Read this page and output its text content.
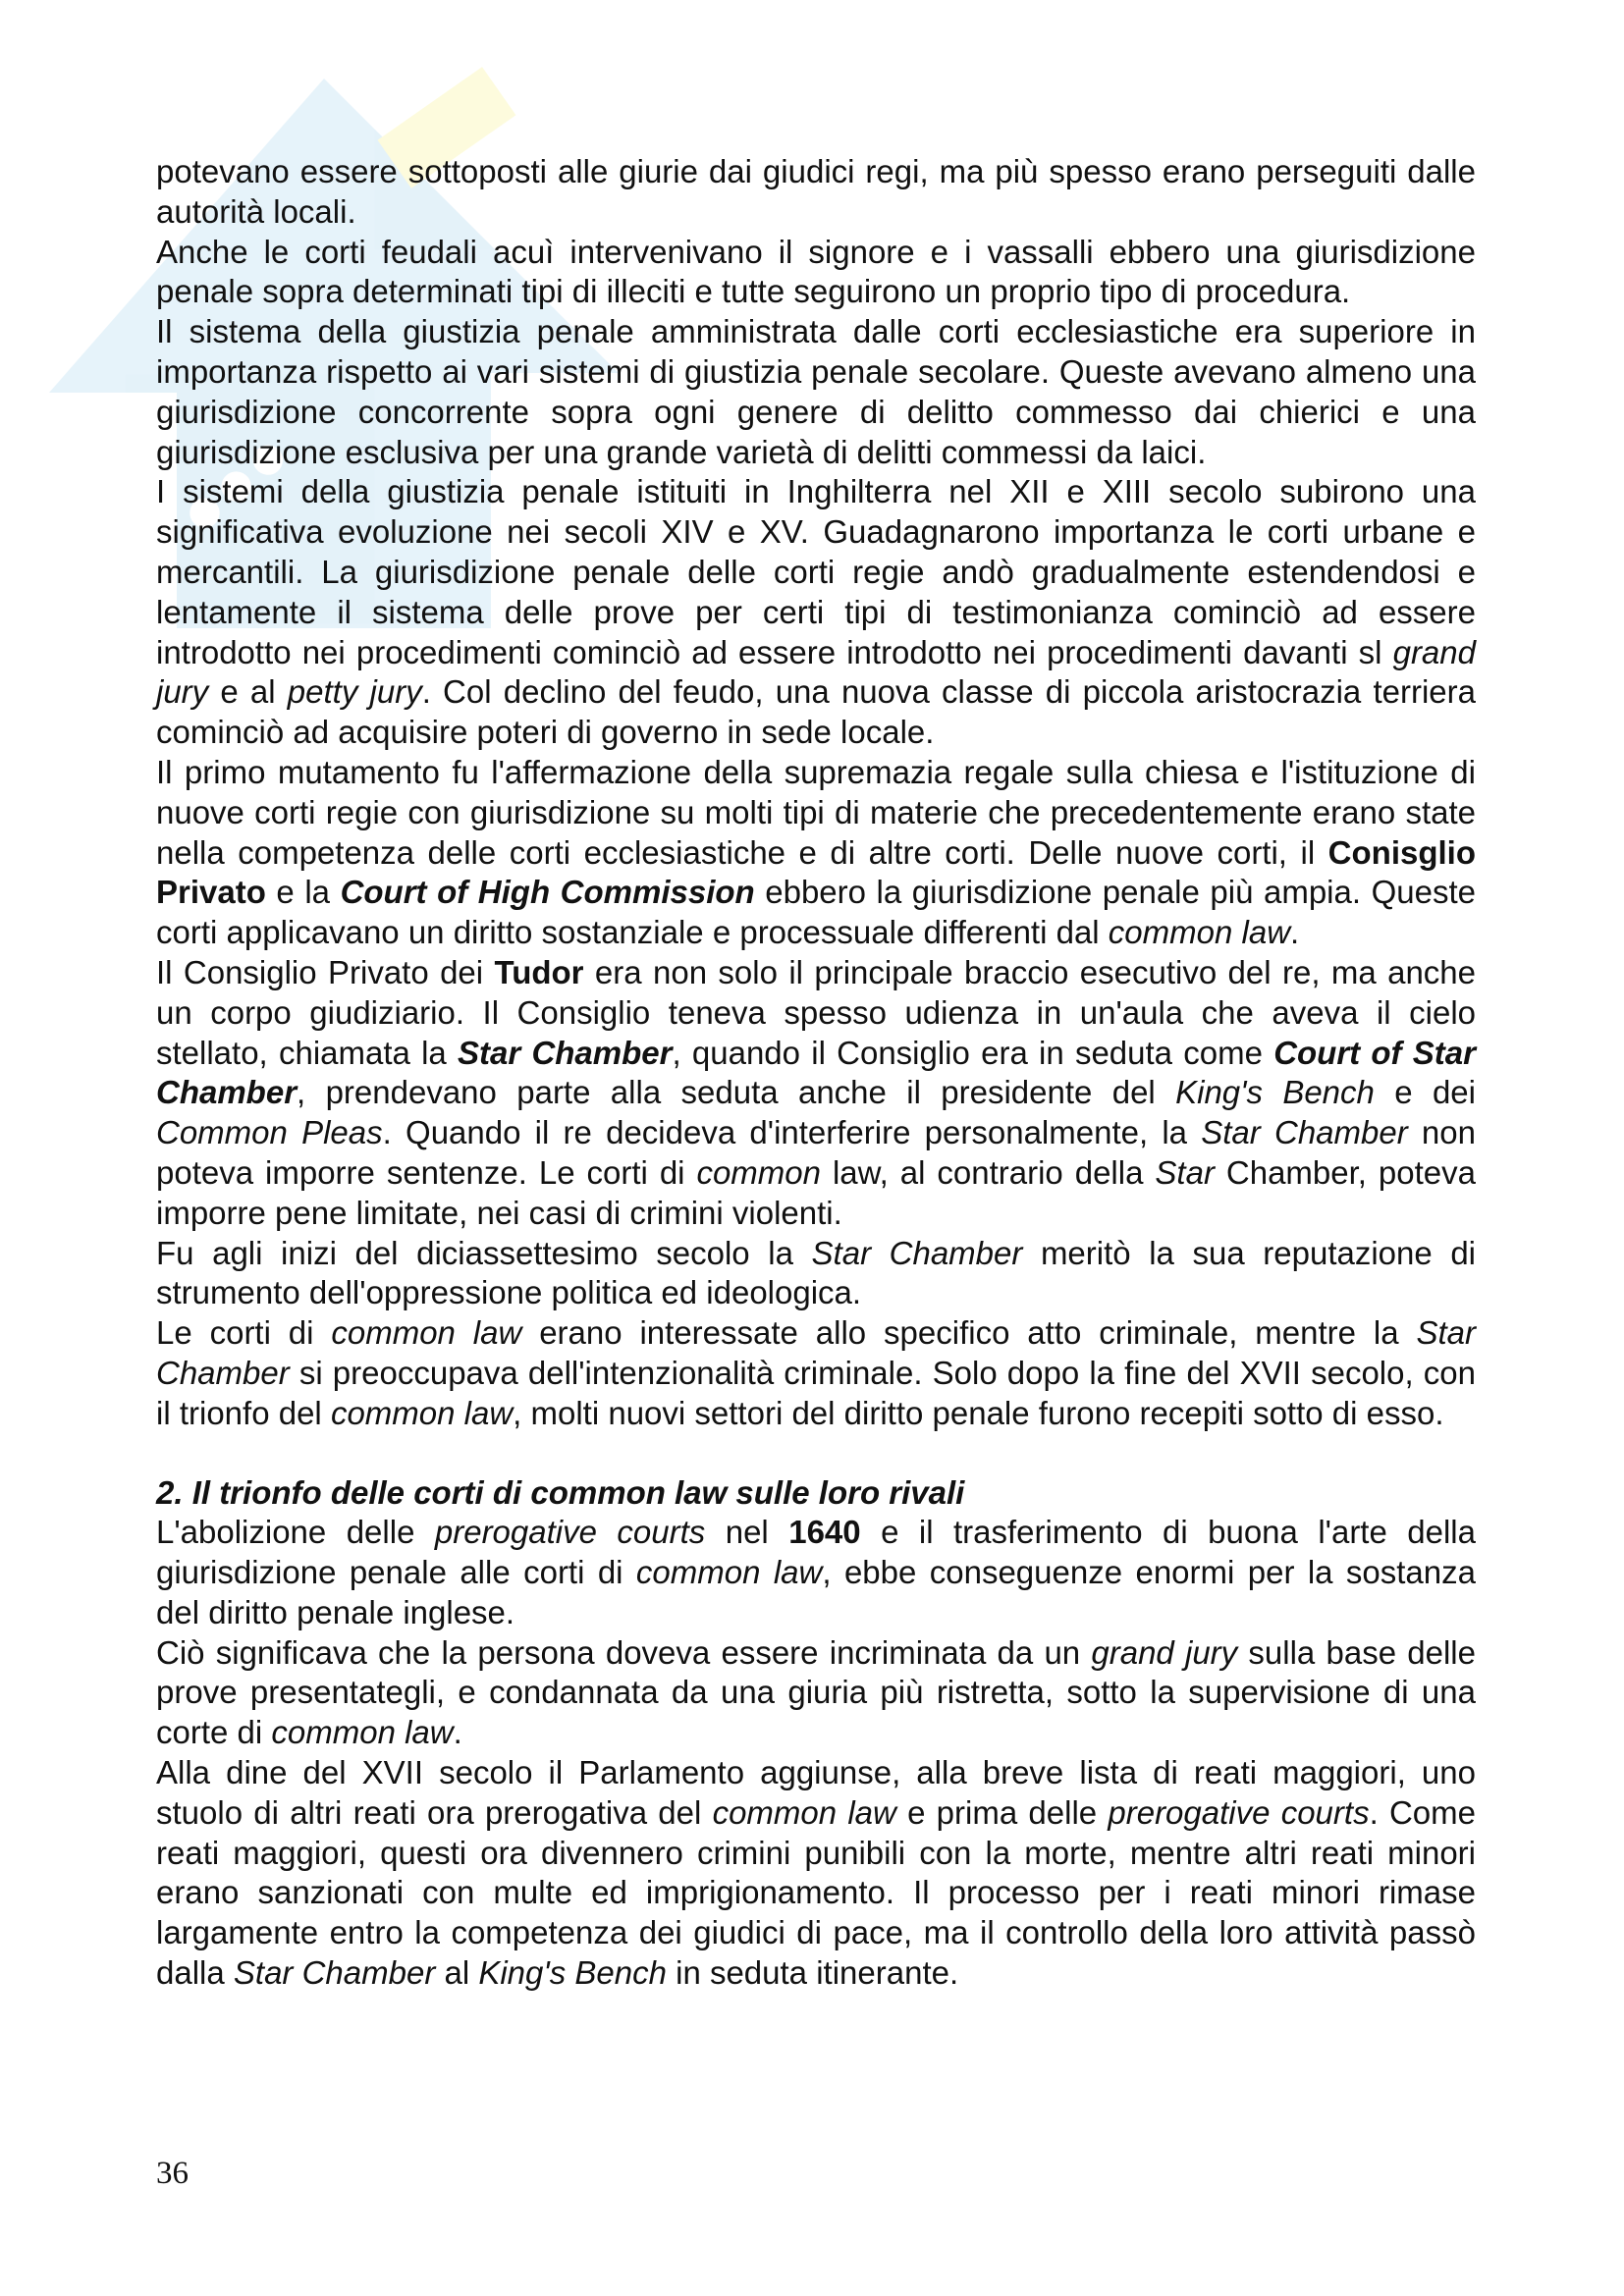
•••

potevano essere sottoposti alle giurie dai giudici regi, ma più spesso erano perseguiti dalle autorità locali.

Anche le corti feudali acuì intervenivano il signore e i vassalli ebbero una giurisdizione penale sopra determinati tipi di illeciti e tutte seguirono un proprio tipo di procedura.

Il sistema della giustizia penale amministrata dalle corti ecclesiastiche era superiore in importanza rispetto ai vari sistemi di giustizia penale secolare. Queste avevano almeno una giurisdizione concorrente sopra ogni genere di delitto commesso dai chierici e una giurisdizione esclusiva per una grande varietà di delitti commessi da laici.

I sistemi della giustizia penale istituiti in Inghilterra nel XII e XIII secolo subirono una significativa evoluzione nei secoli XIV e XV. Guadagnarono importanza le corti urbane e mercantili. La giurisdizione penale delle corti regie andò gradualmente estendendosi e lentamente il sistema delle prove per certi tipi di testimonianza cominciò ad essere introdotto nei procedimenti cominciò ad essere introdotto nei procedimenti davanti sl grand jury e al petty jury. Col declino del feudo, una nuova classe di piccola aristocrazia terriera cominciò ad acquisire poteri di governo in sede locale.

Il primo mutamento fu l'affermazione della supremazia regale sulla chiesa e l'istituzione di nuove corti regie con giurisdizione su molti tipi di materie che precedentemente erano state nella competenza delle corti ecclesiastiche e di altre corti. Delle nuove corti, il Conisglio Privato e la Court of High Commission ebbero la giurisdizione penale più ampia. Queste corti applicavano un diritto sostanziale e processuale differenti dal common law.

Il Consiglio Privato dei Tudor era non solo il principale braccio esecutivo del re, ma anche un corpo giudiziario. Il Consiglio teneva spesso udienza in un'aula che aveva il cielo stellato, chiamata la Star Chamber, quando il Consiglio era in seduta come Court of Star Chamber, prendevano parte alla seduta anche il presidente del King's Bench e dei Common Pleas. Quando il re decideva d'interferire personalmente, la Star Chamber non poteva imporre sentenze. Le corti di common law, al contrario della Star Chamber, poteva imporre pene limitate, nei casi di crimini violenti.

Fu agli inizi del diciassettesimo secolo la Star Chamber meritò la sua reputazione di strumento dell'oppressione politica ed ideologica.

Le corti di common law erano interessate allo specifico atto criminale, mentre la Star Chamber si preoccupava dell'intenzionalità criminale. Solo dopo la fine del XVII secolo, con il trionfo del common law, molti nuovi settori del diritto penale furono recepiti sotto di esso.

2. Il trionfo delle corti di common law sulle loro rivali

L'abolizione delle prerogative courts nel 1640 e il trasferimento di buona l'arte della giurisdizione penale alle corti di common law, ebbe conseguenze enormi per la sostanza del diritto penale inglese.

Ciò significava che la persona doveva essere incriminata da un grand jury sulla base delle prove presentategli, e condannata da una giuria più ristretta, sotto la supervisione di una corte di common law.

Alla dine del XVII secolo il Parlamento aggiunse, alla breve lista di reati maggiori, uno stuolo di altri reati ora prerogativa del common law e prima delle prerogative courts. Come reati maggiori, questi ora divennero crimini punibili con la morte, mentre altri reati minori erano sanzionati con multe ed imprigionamento. Il processo per i reati minori rimase largamente entro la competenza dei giudici di pace, ma il controllo della loro attività passò dalla Star Chamber al King's Bench in seduta itinerante.

36
